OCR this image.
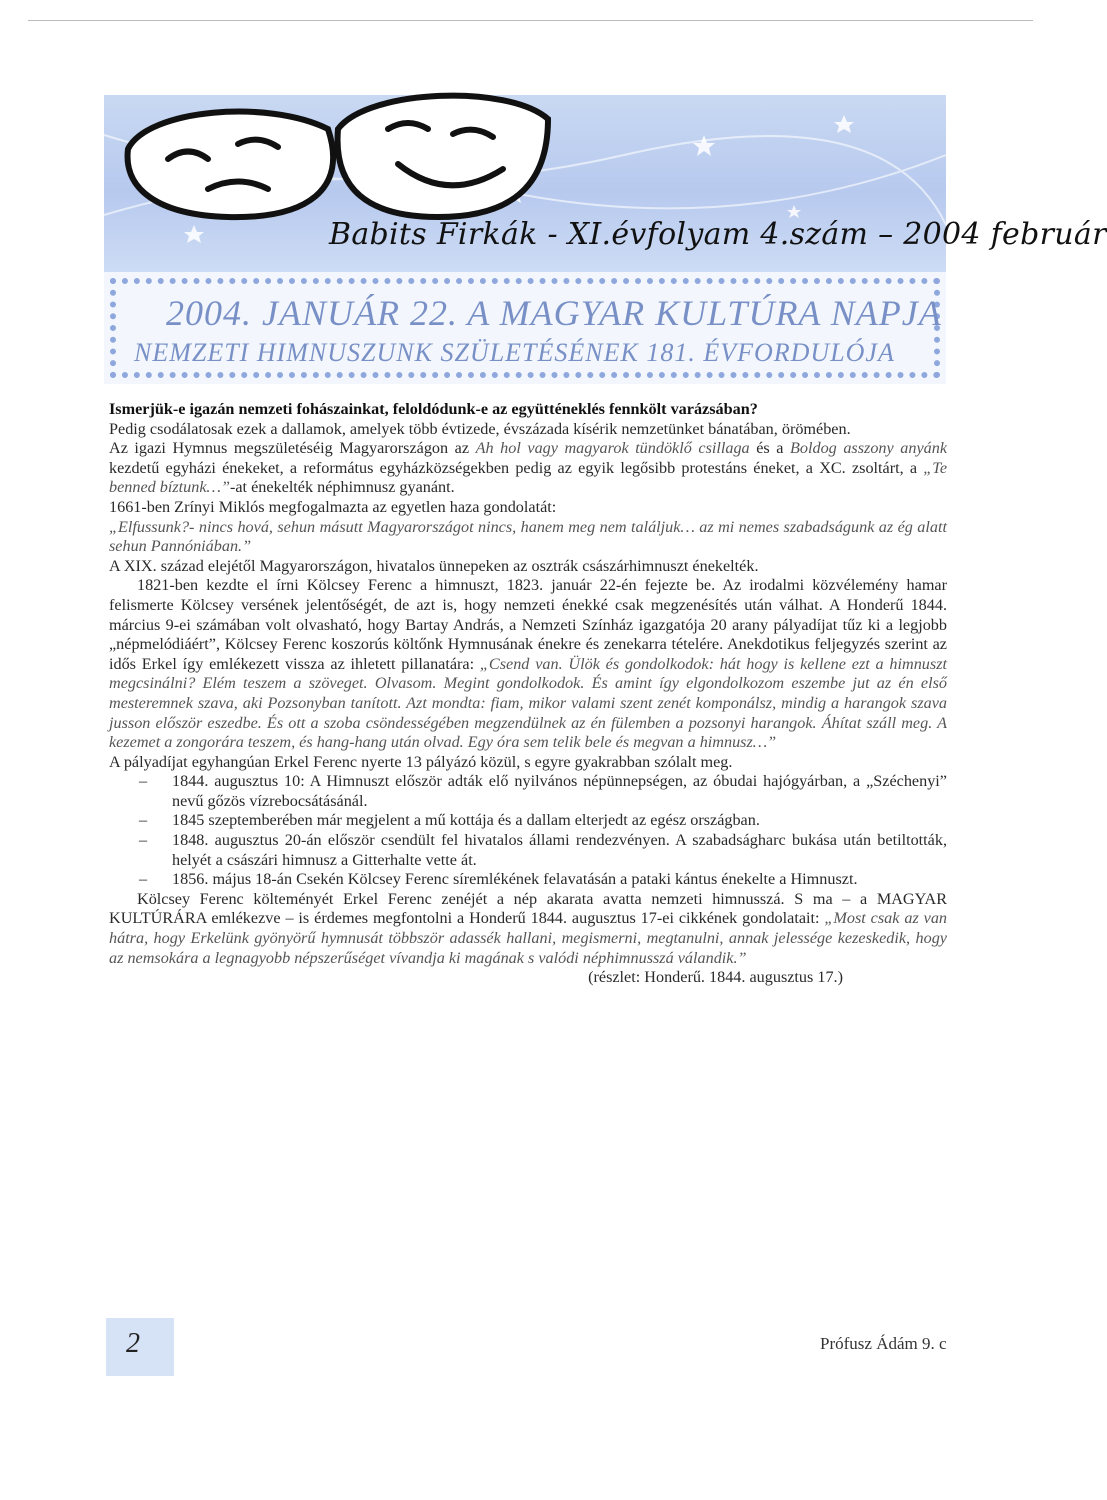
Babits Firkák - XI.évfolyam 4.szám – 2004 február
2004. JANUÁR 22. A MAGYAR KULTÚRA NAPJA
NEMZETI HIMNUSZUNK SZÜLETÉSÉNEK 181. ÉVFORDULÓJA

Ismerjük-e igazán nemzeti fohászainkat, feloldódunk-e az együtténeklés fennkölt varázsában?

Pedig csodálatosak ezek a dallamok, amelyek több évtizede, évszázada kísérik nemzetünket bánatában, örömében.

Az igazi Hymnus megszületéséig Magyarországon az Ah hol vagy magyarok tündöklő csillaga és a Boldog asszony anyánk kezdetű egyházi énekeket, a református egyházközségekben pedig az egyik legősibb protestáns éneket, a XC. zsoltárt, a „Te benned bíztunk…”-at énekelték néphimnusz gyanánt.

1661-ben Zrínyi Miklós megfogalmazta az egyetlen haza gondolatát:

„Elfussunk?- nincs hová, sehun másutt Magyarországot nincs, hanem meg nem találjuk… az mi nemes szabadságunk az ég alatt sehun Pannóniában.”

A XIX. század elejétől Magyarországon, hivatalos ünnepeken az osztrák császárhimnuszt énekelték.

1821-ben kezdte el írni Kölcsey Ferenc a himnuszt, 1823. január 22-én fejezte be. Az irodalmi közvélemény hamar felismerte Kölcsey versének jelentőségét, de azt is, hogy nemzeti énekké csak megzenésítés után válhat. A Honderű 1844. március 9-ei számában volt olvasható, hogy Bartay András, a Nemzeti Színház igazgatója 20 arany pályadíjat tűz ki a legjobb „népmelódiáért”, Kölcsey Ferenc koszorús költőnk Hymnusának énekre és zenekarra tételére. Anekdotikus feljegyzés szerint az idős Erkel így emlékezett vissza az ihletett pillanatára: „Csend van. Ülök és gondolkodok: hát hogy is kellene ezt a himnuszt megcsinálni? Elém teszem a szöveget. Olvasom. Megint gondolkodok. És amint így elgondolkozom eszembe jut az én első mesteremnek szava, aki Pozsonyban tanított. Azt mondta: fiam, mikor valami szent zenét komponálsz, mindig a harangok szava jusson először eszedbe. És ott a szoba csöndességében megzendülnek az én fülemben a pozsonyi harangok. Áhítat száll meg. A kezemet a zongorára teszem, és hang-hang után olvad. Egy óra sem telik bele és megvan a himnusz…”

A pályadíjat egyhangúan Erkel Ferenc nyerte 13 pályázó közül, s egyre gyakrabban szólalt meg.

– 1844. augusztus 10: A Himnuszt először adták elő nyilvános népünnepségen, az óbudai hajógyárban, a „Széchenyi” nevű gőzös vízrebocsátásánál.
– 1845 szeptemberében már megjelent a mű kottája és a dallam elterjedt az egész országban.
– 1848. augusztus 20-án először csendült fel hivatalos állami rendezvényen. A szabadságharc bukása után betiltották, helyét a császári himnusz a Gitterhalte vette át.
– 1856. május 18-án Csekén Kölcsey Ferenc síremlékének felavatásán a pataki kántus énekelte a Himnuszt.

Kölcsey Ferenc költeményét Erkel Ferenc zenéjét a nép akarata avatta nemzeti himnusszá. S ma – a MAGYAR KULTÚRÁRA emlékezve – is érdemes megfontolni a Honderű 1844. augusztus 17-ei cikkének gondolatait: „Most csak az van hátra, hogy Erkelünk gyönyörű hymnusát többször adassék hallani, megismerni, megtanulni, annak jelessége kezeskedik, hogy az nemsokára a legnagyobb népszerűséget vívandja ki magának s valódi néphimnusszá válandik.”

(részlet: Honderű. 1844. augusztus 17.)

2	Prófusz Ádám 9. c
